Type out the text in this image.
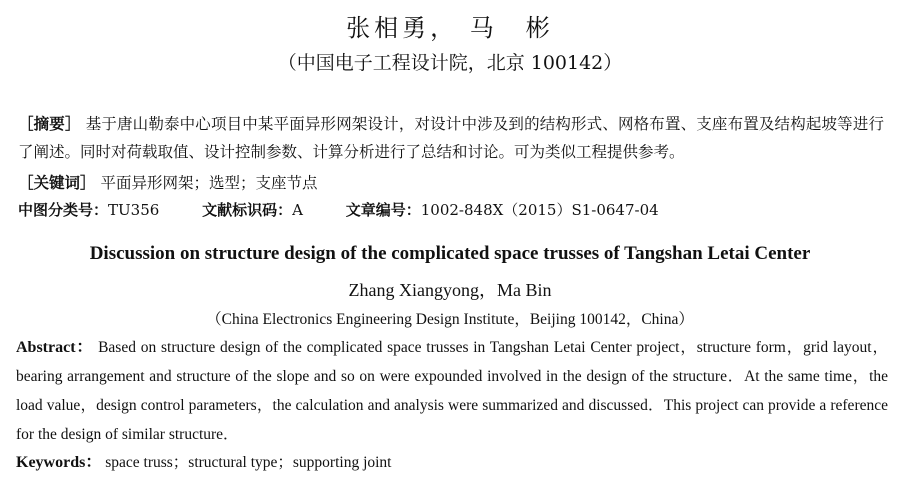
张相勇， 马　彬
（中国电子工程设计院，北京 100142）
［摘要］ 基于唐山勒泰中心项目中某平面异形网架设计，对设计中涉及到的结构形式、网格布置、支座布置及结构起坡等进行了阐述。同时对荷载取值、设计控制参数、计算分析进行了总结和讨论。可为类似工程提供参考。
［关键词］ 平面异形网架；选型；支座节点
中图分类号：TU356	文献标识码：A	文章编号：1002-848X（2015）S1-0647-04
Discussion on structure design of the complicated space trusses of Tangshan Letai Center
Zhang Xiangyong，Ma Bin
（China Electronics Engineering Design Institute，Beijing 100142，China）
Abstract： Based on structure design of the complicated space trusses in Tangshan Letai Center project，structure form，grid layout，bearing arrangement and structure of the slope and so on were expounded involved in the design of the structure．At the same time，the load value，design control parameters，the calculation and analysis were summarized and discussed．This project can provide a reference for the design of similar structure．
Keywords： space truss；structural type；supporting joint
